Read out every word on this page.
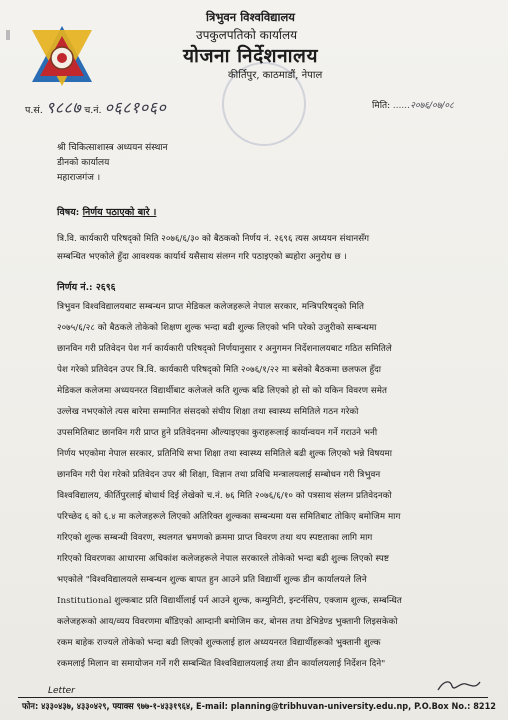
त्रिभुवन विश्वविद्यालय
उपकुलपतिको कार्यालय
योजना निर्देशनालय
कीर्तिपुर, काठमाडौं, नेपाल
प.सं. ९८८७ च.नं. ०६८१०६०	मिति: ......२०७६/०७/०८
श्री चिकित्साशास्त्र अध्ययन संस्थान
डीनको कार्यालय
महाराजगंज ।
विषय: निर्णय पठाएको बारे ।
त्रि.वि. कार्यकारी परिषद्को मिति २०७६/६/३० को बैठकको निर्णय नं. २६९६ त्यस अध्ययन संथानसँग
सम्बन्धित भएकोले हुँदा आवश्यक कार्यार्थ यसैसाथ संलग्न गरि पठाइएको ब्यहोरा अनुरोध छ ।
निर्णय नं.: २६९६
त्रिभुवन विश्वविद्यालयबाट सम्बन्धन प्राप्त मेडिकल कलेजहरूले नेपाल सरकार, मन्त्रिपरिषद्को मिति
२०७५/६/२८ को बैठकले तोकेको शिक्षण शुल्क भन्दा बढी शुल्क लिएको भनि परेको उजुरीको सम्बन्धमा
छानविन गरी प्रतिवेदन पेश गर्न कार्यकारी परिषद्को निर्णयानुसार र अनुगमन निर्देशनालयबाट गठित समितिले
पेश गरेको प्रतिवेदन उपर त्रि.वि. कार्यकारी परिषद्को मिति २०७६/१/२२ मा बसेको बैठकमा छलफल हुँदा
मेडिकल कलेजमा अध्ययनरत विद्यार्थीबाट कलेजले कति शुल्क बढि लिएको हो सो को यकिन विवरण समेत
उल्लेख नभएकोले त्यस बारेमा सम्मानित संसदको संघीय शिक्षा तथा स्वास्थ्य समितिले गठन गरेको
उपसमितिबाट छानविन गरी प्राप्त हुने प्रतिवेदनमा औल्याइएका कुराहरूलाई कार्यान्वयन गर्ने गराउने भनी
निर्णय भएकोमा नेपाल सरकार, प्रतिनिधि सभा शिक्षा तथा स्वास्थ्य समितिले बढी शुल्क लिएको भन्ने विषयमा
छानविन गरी पेश गरेको प्रतिवेदन उपर श्री शिक्षा, विज्ञान तथा प्रविधि मन्त्रालयलाई सम्बोधन गरी त्रिभुवन
विश्वविद्यालय, कीर्तिपुरलाई बोधार्थ दिई लेखेको च.नं. ७६ मिति २०७६/६/१० को पत्रसाथ संलग्न प्रतिवेदनको
परिच्छेद ६ को ६.४ मा कलेजहरूले लिएको अतिरिक्त शुल्कका सम्बन्धमा यस समितिबाट तोकिए बमोजिम माग
गरिएको शुल्क सम्बन्धी विवरण, स्थलगत भ्रमणको क्रममा प्राप्त विवरण तथा थप स्पष्टताका लागि माग
गरिएको विवरणका आधारमा अधिकांश कलेजहरूले नेपाल सरकारले तोकेको भन्दा बढी शुल्क लिएको स्पष्ट
भएकोले "विश्वविद्यालयले सम्बन्धन शुल्क बापत हुन आउने प्रति विद्यार्थी शुल्क डीन कार्यालयले लिने
Institutional शुल्कबाट प्रति विद्यार्थीलाई पर्न आउने शुल्क, कम्युनिटी, इन्टर्नसिप, एक्जाम शुल्क, सम्बन्धित
कलेजहरूको आय/व्यय विवरणमा बाँडिएको आम्दानी बमोजिम कर, बोनस तथा डेभिडेण्ड भुक्तानी लिइसकेको
रकम बाहेक राज्यले तोकेको भन्दा बढी लिएको शुल्कलाई हाल अध्ययनरत विद्यार्थीहरूको भुक्तानी शुल्क
रकमलाई मिलान वा समायोजन गर्ने गरी सम्बन्धित विश्वविद्यालयलाई तथा डीन कार्यालयलाई निर्देशन दिने"
Letter
फोन: ४३३०४३७, ४३३०४२९, फ्याक्स ९७७-१-४३३१९६४, E-mail: planning@tribhuvan-university.edu.np, P.O.Box No.: 8212
